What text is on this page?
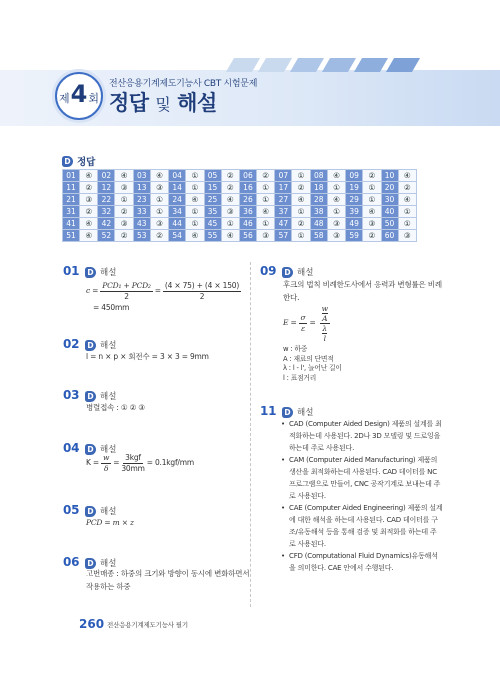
제 4 회
전산응용기계제도기능사 CBT 시험문제
정답 및 해설
D 정답
01	④	02	④	03	④	04	①	05	②	06	②	07	①	08	④	09	②	10	④
11	②	12	③	13	③	14	①	15	②	16	①	17	②	18	①	19	①	20	②
21	③	22	①	23	①	24	④	25	④	26	①	27	④	28	④	29	①	30	④
31	②	32	②	33	①	34	①	35	③	36	④	37	①	38	①	39	④	40	①
41	④	42	③	43	③	44	①	45	①	46	①	47	②	48	③	49	③	50	①
51	④	52	②	53	②	54	④	55	④	56	③	57	①	58	③	59	②	60	③
01	D 해설
$c = \frac{\text{PCD₁ + PCD₂}}{2} = \frac{(4 \times 75) + (4 \times 150)}{2}$
= 450mm
02	D 해설
l = n × p × 회전수 = 3 × 3 = 9mm
03	D 해설
병렬접속 : ① ② ③
04	D 해설
$K = \frac{w}{\delta} = \frac{\text{3kgf}}{30mm} = 0.1kgf/mm$
05	D 해설
PCD = m × z
06	D 해설
고번매종 : 하중의 크기와 방향이 동시에 변화하면서
작용하는 하중
09	D 해설
후크의 법칙 비례한도사에서 응력과 변형률은 비례
한다.
$E = \frac{\sigma}{\varepsilon} = w$
A
λ
l
w : 하중
A : 재료의 단면적
λ : l - l', 늘어난 길이
l : 표점거리
11	D 해설
• CAD (Computer Aided Design) 제품의 설계를 최적화하는데 사용된다. 2D나 3D 모델링 및 드로잉을 하는데 주로 사용된다.
• CAM (Computer Aided Manufacturing) 제품의 생산을 최적화하는데 사용된다. CAD 데이터를 NC 프로그램으로 만들어, CNC 공작기계로 보내는데 주로 사용된다.
• CAE (Computer Aided Engineering) 제품의 설계에 대한 해석을 하는데 사용된다. CAD 데이터를 구조/유동해석 등을 통해 검증 및 최적화를 하는데 주로 사용된다.
• CFD (Computational Fluid Dynamics)유동해석을 의미한다. CAE 안에서 수행된다.
260 전산응용기계제도기능사 필기
